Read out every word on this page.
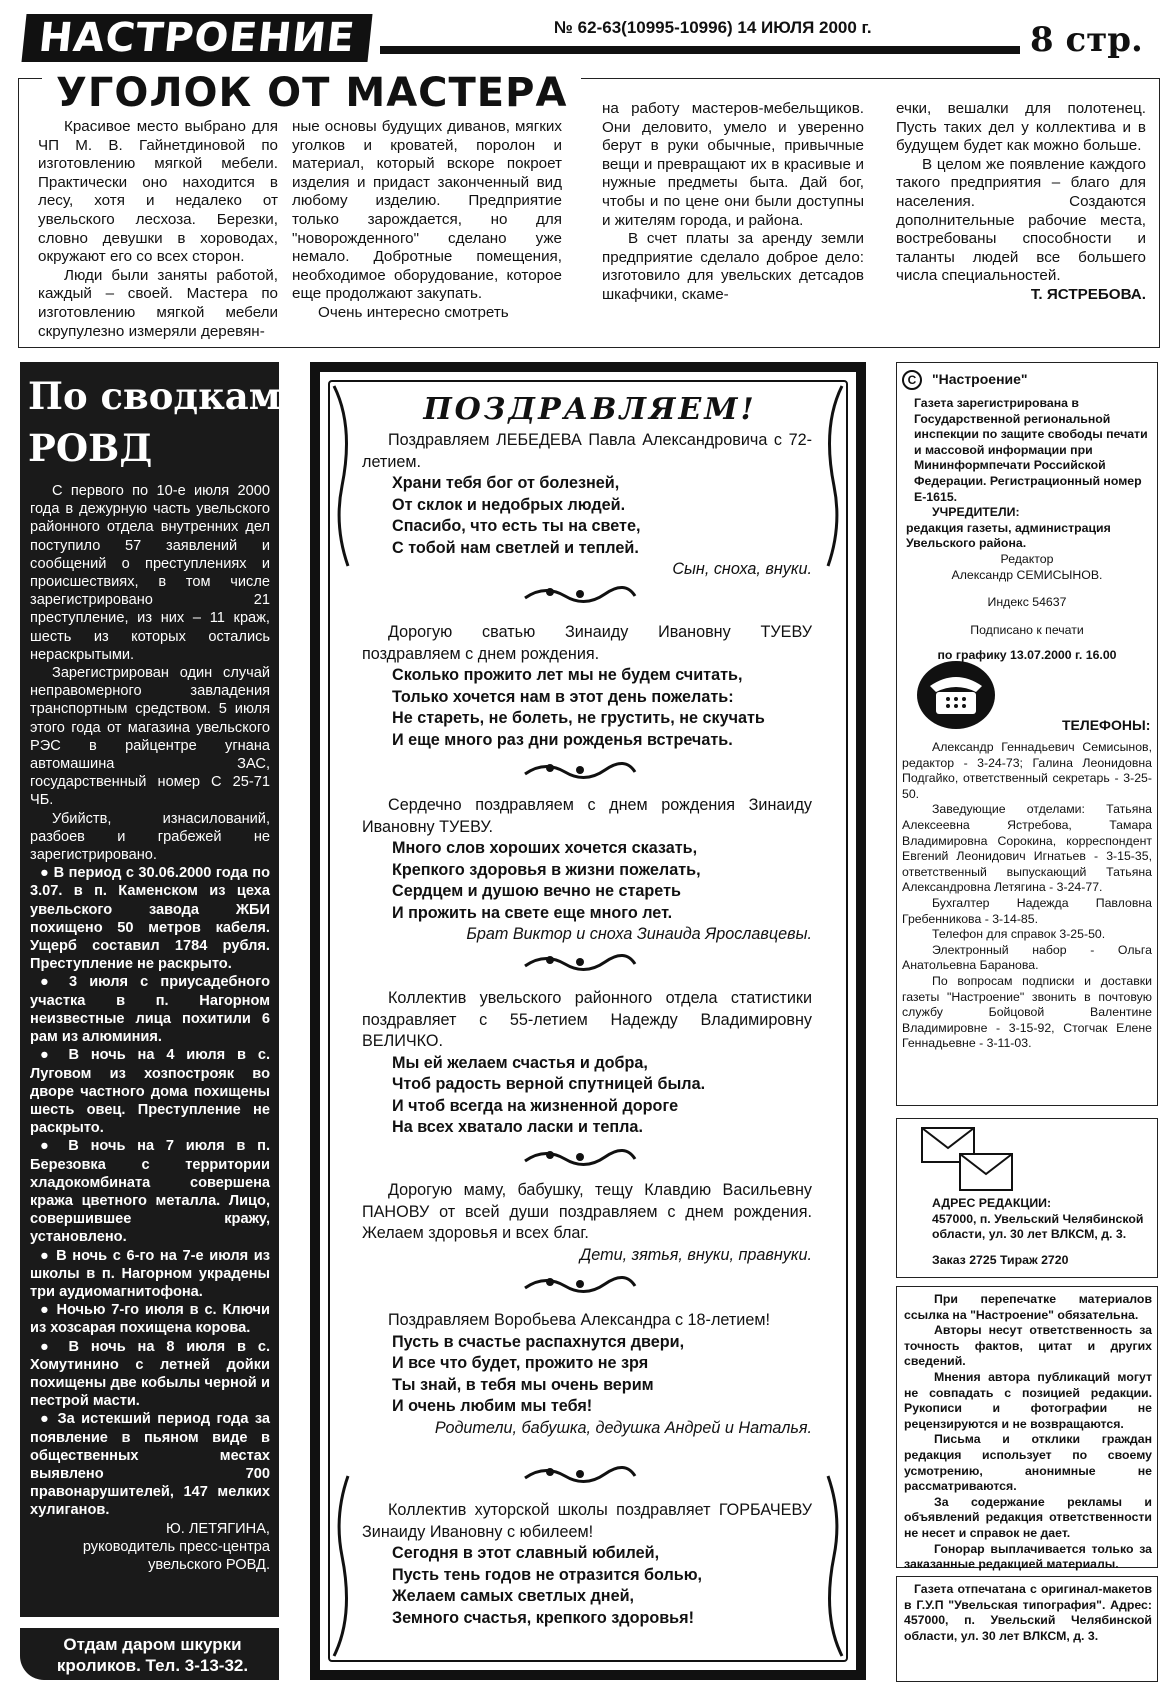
НАСТРОЕНИЕ	№ 62-63(10995-10996) 14 ИЮЛЯ 2000 г.	8 стр.
УГОЛОК ОТ МАСТЕРА

Красивое место выбрано для ЧП М. В. Гайнетдиновой по изготовлению мягкой мебели. Практически оно находится в лесу, хотя и недалеко от увельского лесхоза. Березки, словно девушки в хороводах, окружают его со всех сторон.

Люди были заняты работой, каждый – своей. Мастера по изготовлению мягкой мебели скрупулезно измеряли деревян-

ные основы будущих диванов, мягких уголков и кроватей, поролон и материал, который вскоре покроет изделия и придаст законченный вид любому изделию. Предприятие только зарождается, но для "новорожденного" сделано уже немало. Добротные помещения, необходимое оборудование, которое еще продолжают закупать.

Очень интересно смотреть

на работу мастеров-мебельщиков. Они деловито, умело и уверенно берут в руки обычные, привычные вещи и превращают их в красивые и нужные предметы быта. Дай бог, чтобы и по цене они были доступны и жителям города, и района.

В счет платы за аренду земли предприятие сделало доброе дело: изготовило для увельских детсадов шкафчики, скаме-

ечки, вешалки для полотенец. Пусть таких дел у коллектива и в будущем будет как можно больше.

В целом же появление каждого такого предприятия – благо для населения. Создаются дополнительные рабочие места, востребованы способности и таланты людей все большего числа специальностей.

Т. ЯСТРЕБОВА.

По сводкам
РОВД

С первого по 10-е июля 2000 года в дежурную часть увельского районного отдела внутренних дел поступило 57 заявлений и сообщений о преступлениях и происшествиях, в том числе зарегистрировано 21 преступление, из них – 11 краж, шесть из которых остались нераскрытыми.

Зарегистрирован один случай неправомерного завладения транспортным средством. 5 июля этого года от магазина увельского РЭС в райцентре угнана автомашина ЗАС, государственный номер С 25-71 ЧБ.

Убийств, изнасилований, разбоев и грабежей не зарегистрировано.

● В период с 30.06.2000 года по 3.07. в п. Каменском из цеха увельского завода ЖБИ похищено 50 метров кабеля. Ущерб составил 1784 рубля. Преступление не раскрыто.

● 3 июля с приусадебного участка в п. Нагорном неизвестные лица похитили 6 рам из алюминия.

● В ночь на 4 июля в с. Луговом из хозпострояк во дворе частного дома похищены шесть овец. Преступление не раскрыто.

● В ночь на 7 июля в п. Березовка с территории хладокомбината совершена кража цветного металла. Лицо, совершившее кражу, установлено.

● В ночь с 6-го на 7-е июля из школы в п. Нагорном украдены три аудиомагнитофона.

● Ночью 7-го июля в с. Ключи из хозсарая похищена корова.

● В ночь на 8 июля в с. Хомутинино с летней дойки похищены две кобылы черной и пестрой масти.

● За истекший период года за появление в пьяном виде в общественных местах выявлено 700 правонарушителей, 147 мелких хулиганов.

Ю. ЛЕТЯГИНА,

руководитель пресс-центра увельского РОВД.

Отдам даром шкурки кроликов. Тел. 3-13-32.
ПОЗДРАВЛЯЕМ!
Поздравляем ЛЕБЕДЕВА Павла Александровича с 72-летием.
Храни тебя бог от болезней,
От склок и недобрых людей.
Спасибо, что есть ты на свете,
С тобой нам светлей и теплей.
Сын, сноха, внуки.
Дорогую сватью Зинаиду Ивановну ТУЕВУ поздравляем с днем рождения.
Сколько прожито лет мы не будем считать,
Только хочется нам в этот день пожелать:
Не стареть, не болеть, не грустить, не скучать
И еще много раз дни рожденья встречать.
Сердечно поздравляем с днем рождения Зинаиду Ивановну ТУЕВУ.
Много слов хороших хочется сказать,
Крепкого здоровья в жизни пожелать,
Сердцем и душою вечно не стареть
И прожить на свете еще много лет.
Брат Виктор и сноха Зинаида Ярославцевы.
Коллектив увельского районного отдела статистики поздравляет с 55-летием Надежду Владимировну ВЕЛИЧКО.
Мы ей желаем счастья и добра,
Чтоб радость верной спутницей была.
И чтоб всегда на жизненной дороге
На всех хватало ласки и тепла.
Дорогую маму, бабушку, тещу Клавдию Васильевну ПАНОВУ от всей души поздравляем с днем рождения. Желаем здоровья и всех благ.
Дети, зятья, внуки, правнуки.
Поздравляем Воробьева Александра с 18-летием!
Пусть в счастье распахнутся двери,
И все что будет, прожито не зря
Ты знай, в тебя мы очень верим
И очень любим мы тебя!
Родители, бабушка, дедушка Андрей и Наталья.
Коллектив хуторской школы поздравляет ГОРБАЧЕВУ Зинаиду Ивановну с юбилеем!
Сегодня в этот славный юбилей,
Пусть тень годов не отразится болью,
Желаем самых светлых дней,
Земного счастья, крепкого здоровья!

C "Настроение"

Газета зарегистрирована в Государственной региональной инспекции по защите свободы печати и массовой информации при Мининформпечати Российской Федерации. Регистрационный номер Е-1615.

УЧРЕДИТЕЛИ:

редакция газеты, администрация Увельского района.

Редактор

Александр СЕМИСЫНОВ.

Индекс 54637

Подписано к печати

по графику 13.07.2000 г. 16.00

ТЕЛЕФОНЫ:

Александр Геннадьевич Семисынов, редактор - 3-24-73; Галина Леонидовна Подгайко, ответственный секретарь - 3-25-50.

Заведующие отделами: Татьяна Алексеевна Ястребова, Тамара Владимировна Сорокина, корреспондент Евгений Леонидович Игнатьев - 3-15-35, ответственный выпускающий Татьяна Александровна Летягина - 3-24-77.

Бухгалтер Надежда Павловна Гребенникова - 3-14-85.

Телефон для справок 3-25-50.

Электронный набор - Ольга Анатольевна Баранова.

По вопросам подписки и доставки газеты "Настроение" звонить в почтовую службу Бойцовой Валентине Владимировне - 3-15-92, Стогчак Елене Геннадьевне - 3-11-03.

АДРЕС РЕДАКЦИИ:

457000, п. Увельский Челябинской области, ул. 30 лет ВЛКСМ, д. 3.

Заказ 2725 Тираж 2720

При перепечатке материалов ссылка на "Настроение" обязательна.

Авторы несут ответственность за точность фактов, цитат и других сведений.

Мнения автора публикаций могут не совпадать с позицией редакции. Рукописи и фотографии не рецензируются и не возвращаются.

Письма и отклики граждан редакция использует по своему усмотрению, анонимные не рассматриваются.

За содержание рекламы и объявлений редакция ответственности не несет и справок не дает.

Гонорар выплачивается только за заказанные редакцией материалы.

Газета отпечатана с оригинал-макетов в Г.У.П "Увельская типография". Адрес: 457000, п. Увельский Челябинской области, ул. 30 лет ВЛКСМ, д. 3.
